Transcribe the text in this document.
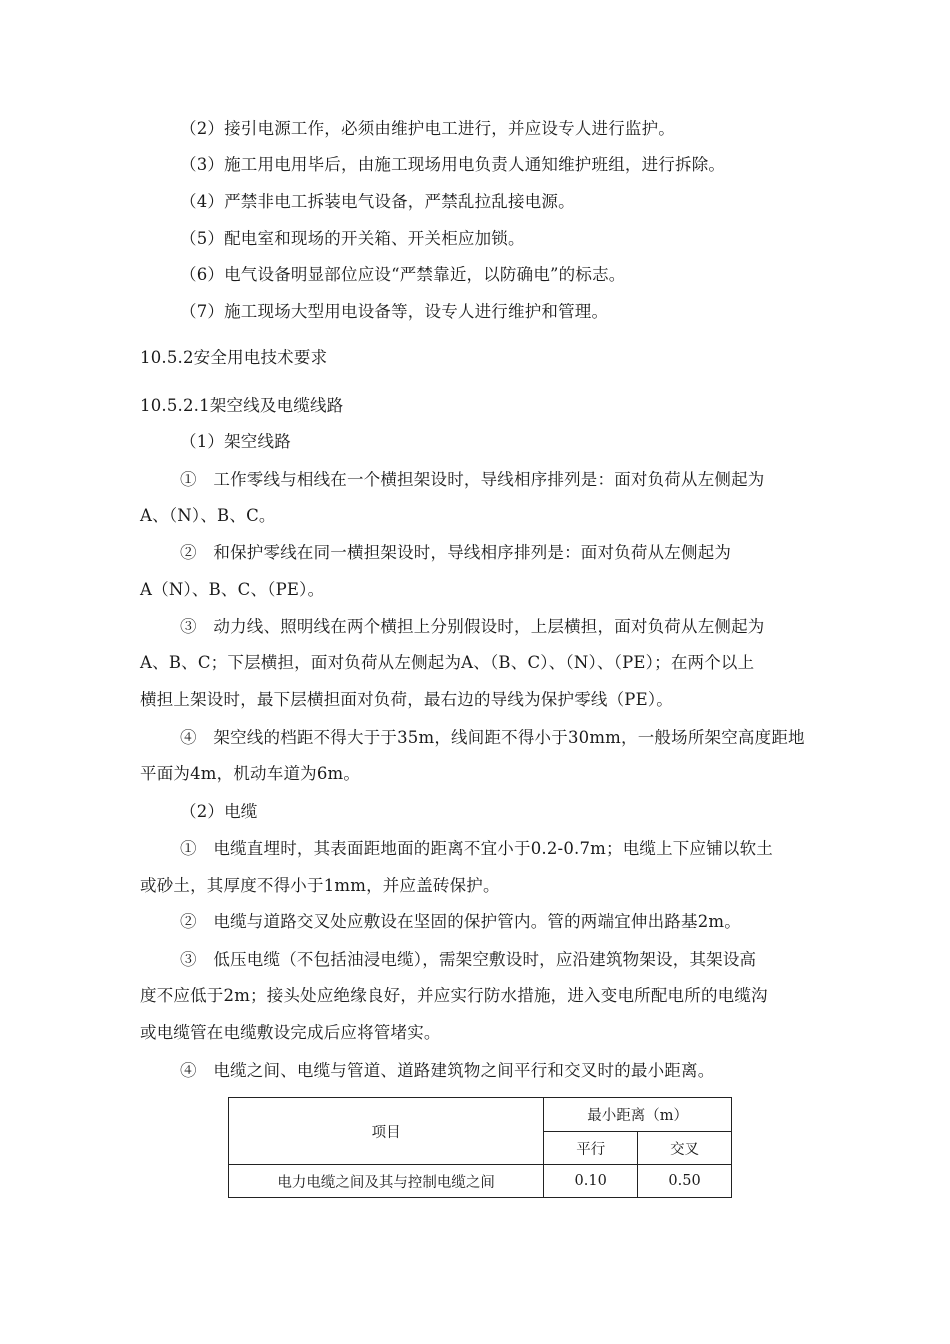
（2）接引电源工作，必须由维护电工进行，并应设专人进行监护。
（3）施工用电用毕后，由施工现场用电负责人通知维护班组，进行拆除。
（4）严禁非电工拆装电气设备，严禁乱拉乱接电源。
（5）配电室和现场的开关箱、开关柜应加锁。
（6）电气设备明显部位应设“严禁靠近，以防确电”的标志。
（7）施工现场大型用电设备等，设专人进行维护和管理。
10.5.2安全用电技术要求
10.5.2.1架空线及电缆线路
（1）架空线路
①　工作零线与相线在一个横担架设时，导线相序排列是：面对负荷从左侧起为
A、（N）、B、C。
②　和保护零线在同一横担架设时，导线相序排列是：面对负荷从左侧起为
A（N）、B、C、（PE）。
③　动力线、照明线在两个横担上分别假设时，上层横担，面对负荷从左侧起为
A、B、C；下层横担，面对负荷从左侧起为A、（B、C）、（N）、（PE）；在两个以上
横担上架设时，最下层横担面对负荷，最右边的导线为保护零线（PE）。
④　架空线的档距不得大于于35m，线间距不得小于30mm，一般场所架空高度距地
平面为4m，机动车道为6m。
（2）电缆
①　电缆直埋时，其表面距地面的距离不宜小于0.2-0.7m；电缆上下应铺以软土
或砂土，其厚度不得小于1mm，并应盖砖保护。
②　电缆与道路交叉处应敷设在坚固的保护管内。管的两端宜伸出路基2m。
③　低压电缆（不包括油浸电缆），需架空敷设时，应沿建筑物架设，其架设高
度不应低于2m；接头处应绝缘良好，并应实行防水措施，进入变电所配电所的电缆沟
或电缆管在电缆敷设完成后应将管堵实。
④　电缆之间、电缆与管道、道路建筑物之间平行和交叉时的最小距离。
项目	最小距离（m）	
	平行	交叉
电力电缆之间及其与控制电缆之间	0.10	0.50
